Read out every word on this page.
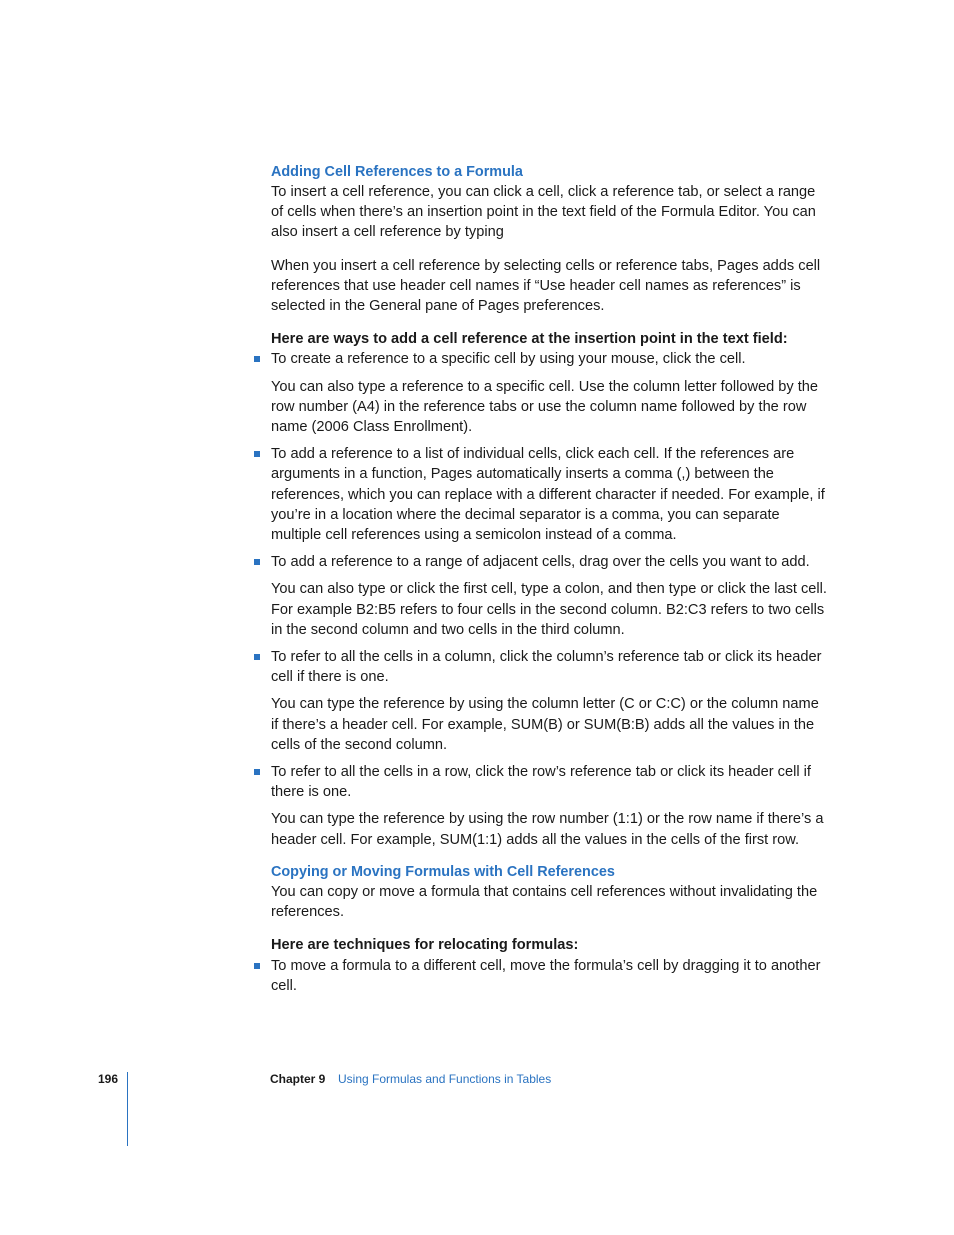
Adding Cell References to a Formula

To insert a cell reference, you can click a cell, click a reference tab, or select a range of cells when there’s an insertion point in the text field of the Formula Editor. You can also insert a cell reference by typing

When you insert a cell reference by selecting cells or reference tabs, Pages adds cell references that use header cell names if “Use header cell names as references” is selected in the General pane of Pages preferences.

Here are ways to add a cell reference at the insertion point in the text field:

To create a reference to a specific cell by using your mouse, click the cell.

You can also type a reference to a specific cell. Use the column letter followed by the row number (A4) in the reference tabs or use the column name followed by the row name (2006 Class Enrollment).

To add a reference to a list of individual cells, click each cell. If the references are arguments in a function, Pages automatically inserts a comma (,) between the references, which you can replace with a different character if needed. For example, if you’re in a location where the decimal separator is a comma, you can separate multiple cell references using a semicolon instead of a comma.

To add a reference to a range of adjacent cells, drag over the cells you want to add.

You can also type or click the first cell, type a colon, and then type or click the last cell. For example B2:B5 refers to four cells in the second column. B2:C3 refers to two cells in the second column and two cells in the third column.

To refer to all the cells in a column, click the column’s reference tab or click its header cell if there is one.

You can type the reference by using the column letter (C or C:C) or the column name if there’s a header cell. For example, SUM(B) or SUM(B:B) adds all the values in the cells of the second column.

To refer to all the cells in a row, click the row’s reference tab or click its header cell if there is one.

You can type the reference by using the row number (1:1) or the row name if there’s a header cell. For example, SUM(1:1) adds all the values in the cells of the first row.

Copying or Moving Formulas with Cell References

You can copy or move a formula that contains cell references without invalidating the references.

Here are techniques for relocating formulas:

To move a formula to a different cell, move the formula’s cell by dragging it to another cell.

196	Chapter 9 Using Formulas and Functions in Tables
